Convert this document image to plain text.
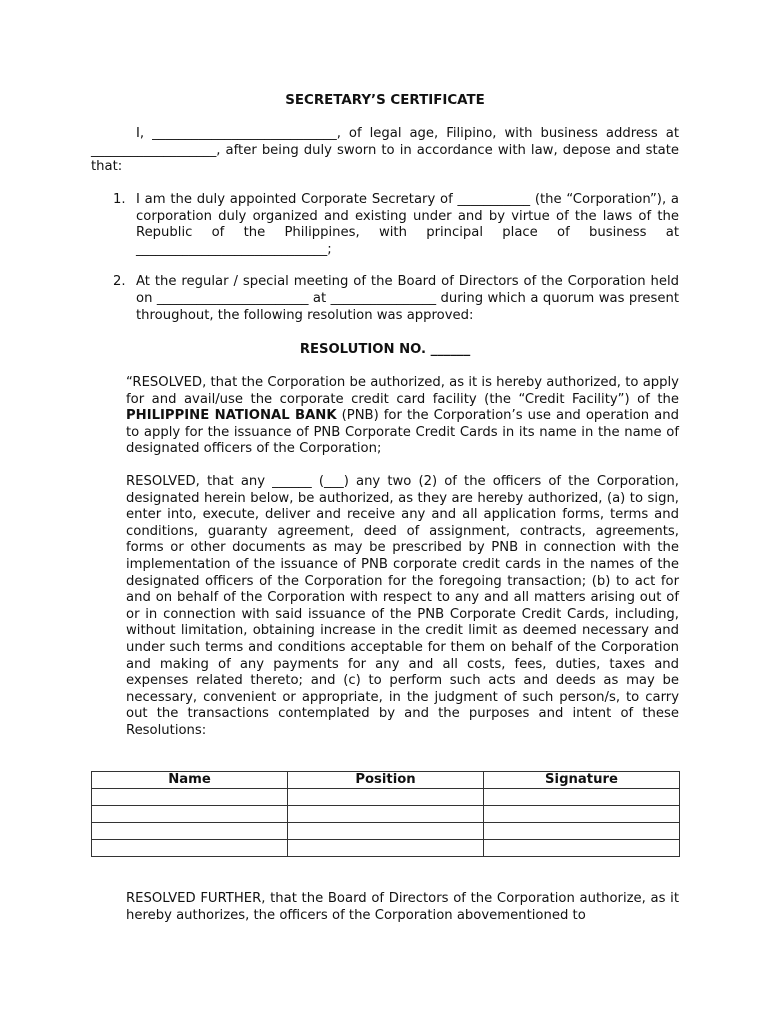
SECRETARY’S CERTIFICATE

I, ____________________________, of legal age, Filipino, with business address at ___________________, after being duly sworn to in accordance with law, depose and state that:

1. I am the duly appointed Corporate Secretary of ___________ (the “Corporation”), a corporation duly organized and existing under and by virtue of the laws of the Republic of the Philippines, with principal place of business at _____________________________;
2. At the regular / special meeting of the Board of Directors of the Corporation held on _______________________ at ________________ during which a quorum was present throughout, the following resolution was approved:
RESOLUTION NO. ______

“RESOLVED, that the Corporation be authorized, as it is hereby authorized, to apply for and avail/use the corporate credit card facility (the “Credit Facility”) of the PHILIPPINE NATIONAL BANK (PNB) for the Corporation’s use and operation and to apply for the issuance of PNB Corporate Credit Cards in its name in the name of designated officers of the Corporation;

RESOLVED, that any ______ (___) any two (2) of the officers of the Corporation, designated herein below, be authorized, as they are hereby authorized, (a) to sign, enter into, execute, deliver and receive any and all application forms, terms and conditions, guaranty agreement, deed of assignment, contracts, agreements, forms or other documents as may be prescribed by PNB in connection with the implementation of the issuance of PNB corporate credit cards in the names of the designated officers of the Corporation for the foregoing transaction; (b) to act for and on behalf of the Corporation with respect to any and all matters arising out of or in connection with said issuance of the PNB Corporate Credit Cards, including, without limitation, obtaining increase in the credit limit as deemed necessary and under such terms and conditions acceptable for them on behalf of the Corporation and making of any payments for any and all costs, fees, duties, taxes and expenses related thereto; and (c) to perform such acts and deeds as may be necessary, convenient or appropriate, in the judgment of such person/s, to carry out the transactions contemplated by and the purposes and intent of these Resolutions:

Name	Position	Signature

RESOLVED FURTHER, that the Board of Directors of the Corporation authorize, as it hereby authorizes, the officers of the Corporation abovementioned to
